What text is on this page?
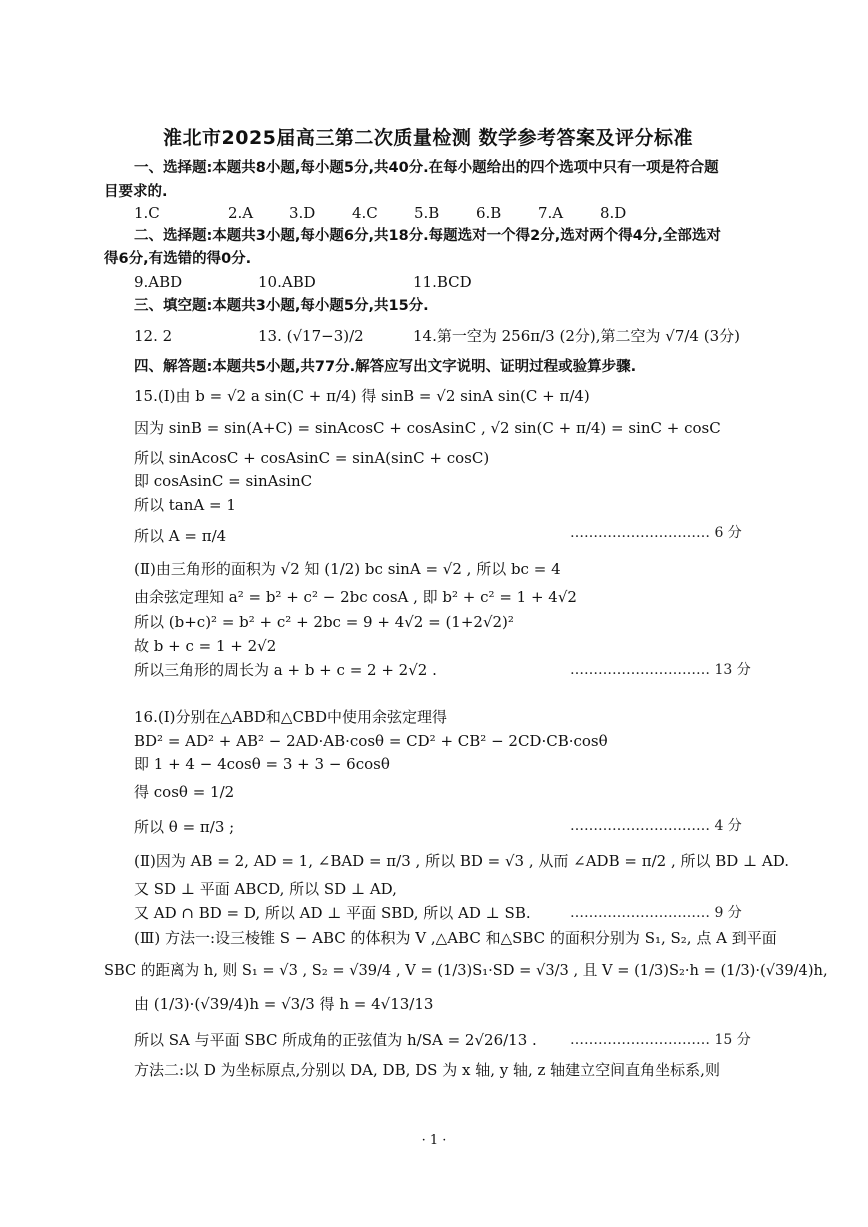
淮北市2025届高三第二次质量检测 数学参考答案及评分标准
一、选择题:本题共8小题,每小题5分,共40分.在每小题给出的四个选项中只有一项是符合题
目要求的.
1.C	2.A 3.D 4.C 5.B 6.B 7.A 8.D
二、选择题:本题共3小题,每小题6分,共18分.每题选对一个得2分,选对两个得4分,全部选对
得6分,有选错的得0分.
9.ABD	10.ABD	11.BCD
三、填空题:本题共3小题,每小题5分,共15分.
12. 2	13. (√17−3)/2	14.第一空为 256π/3 (2分),第二空为 √7/4 (3分)
四、解答题:本题共5小题,共77分.解答应写出文字说明、证明过程或验算步骤.
15.(Ⅰ)由 b = √2 a sin(C + π/4) 得 sinB = √2 sinA sin(C + π/4)
因为 sinB = sin(A+C) = sinAcosC + cosAsinC , √2 sin(C + π/4) = sinC + cosC
所以 sinAcosC + cosAsinC = sinA(sinC + cosC)
即 cosAsinC = sinAsinC
所以 tanA = 1
所以 A = π/4	………………………… 6 分
(Ⅱ)由三角形的面积为 √2 知 (1/2) bc sinA = √2 , 所以 bc = 4
由余弦定理知 a² = b² + c² − 2bc cosA , 即 b² + c² = 1 + 4√2
所以 (b+c)² = b² + c² + 2bc = 9 + 4√2 = (1+2√2)²
故 b + c = 1 + 2√2
所以三角形的周长为 a + b + c = 2 + 2√2 .	………………………… 13 分
16.(Ⅰ)分别在△ABD和△CBD中使用余弦定理得
BD² = AD² + AB² − 2AD·AB·cosθ = CD² + CB² − 2CD·CB·cosθ
即 1 + 4 − 4cosθ = 3 + 3 − 6cosθ
得 cosθ = 1/2
所以 θ = π/3 ;	………………………… 4 分
(Ⅱ)因为 AB = 2, AD = 1, ∠BAD = π/3 , 所以 BD = √3 , 从而 ∠ADB = π/2 , 所以 BD ⊥ AD.
又 SD ⊥ 平面 ABCD, 所以 SD ⊥ AD,
又 AD ∩ BD = D, 所以 AD ⊥ 平面 SBD, 所以 AD ⊥ SB.	………………………… 9 分
(Ⅲ) 方法一:设三棱锥 S − ABC 的体积为 V ,△ABC 和△SBC 的面积分别为 S₁, S₂, 点 A 到平面
SBC 的距离为 h, 则 S₁ = √3 , S₂ = √39/4 , V = (1/3)S₁·SD = √3/3 , 且 V = (1/3)S₂·h = (1/3)·(√39/4)h,
由 (1/3)·(√39/4)h = √3/3 得 h = 4√13/13
所以 SA 与平面 SBC 所成角的正弦值为 h/SA = 2√26/13 . ………………………… 15 分
方法二:以 D 为坐标原点,分别以 DA, DB, DS 为 x 轴, y 轴, z 轴建立空间直角坐标系,则
· 1 ·
